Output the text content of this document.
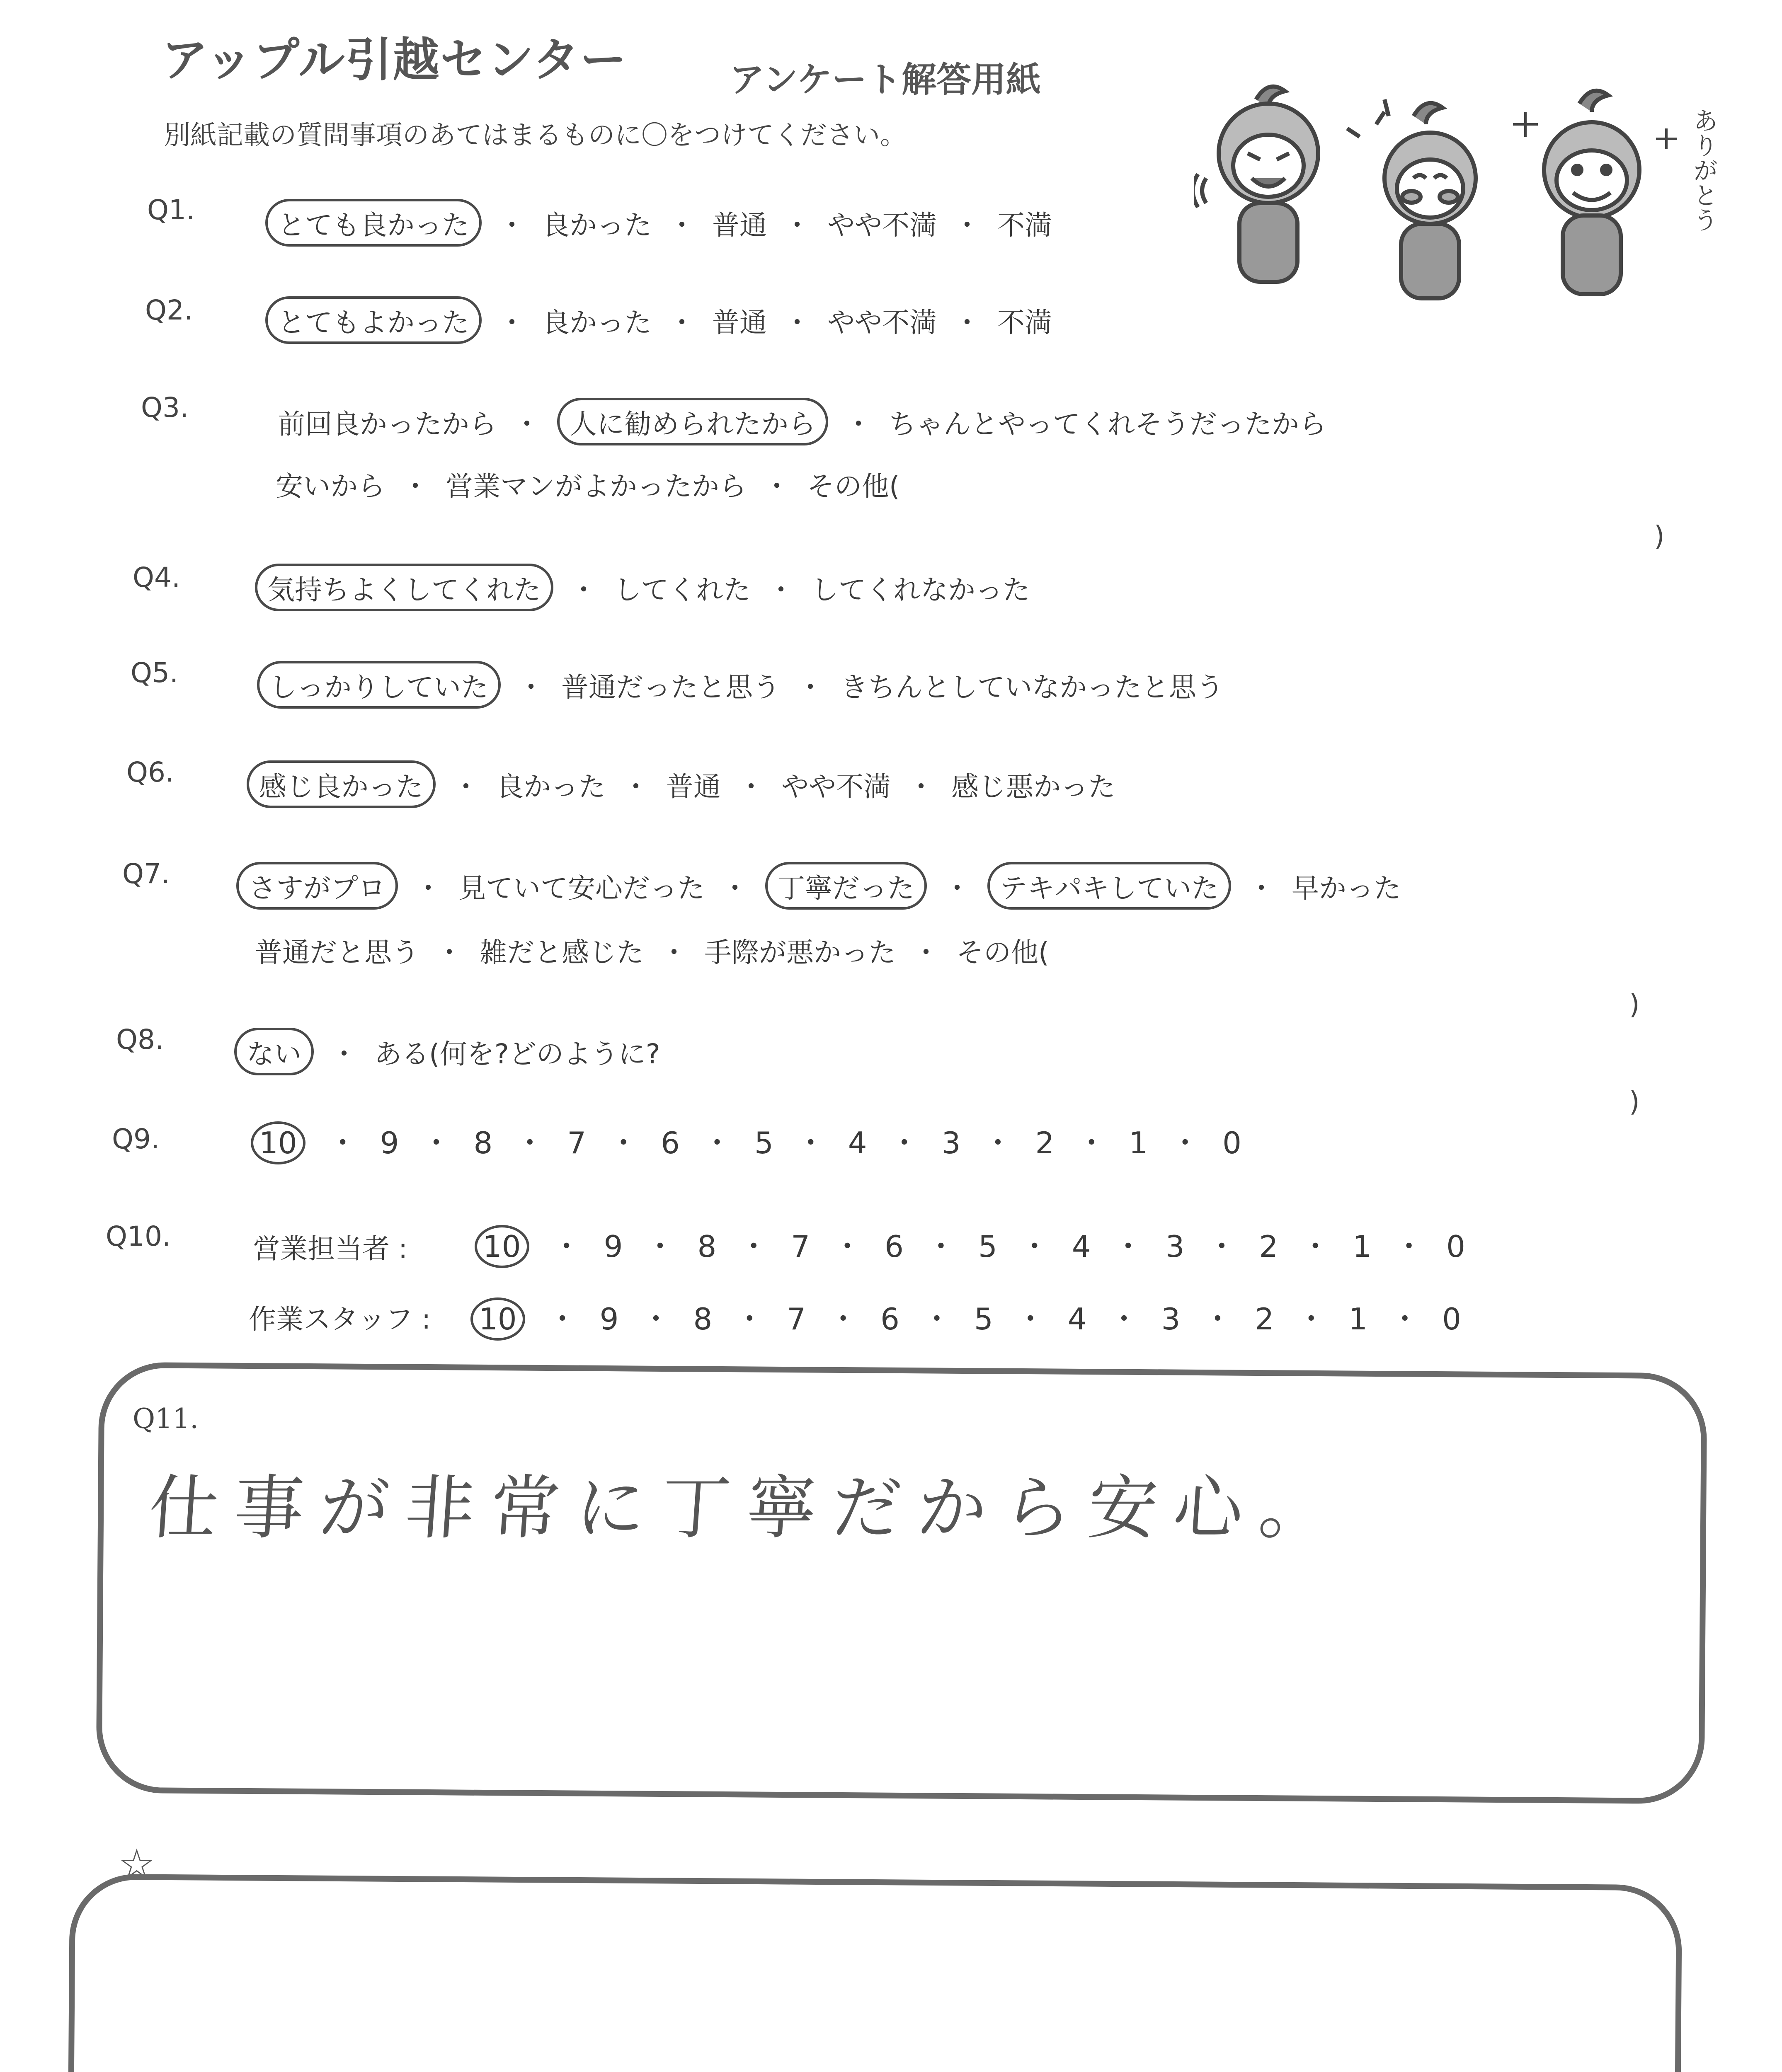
アップル引越センター	アンケート解答用紙
別紙記載の質問事項のあてはまるものに〇をつけてください。	ありがとう
Q1.	とても良かった ・ 良かった ・ 普通 ・ やや不満 ・ 不満
Q2.	とてもよかった ・ 良かった ・ 普通 ・ やや不満 ・ 不満
Q3.
前回良かったから ・ 人に勧められたから ・ ちゃんとやってくれそうだったから
安いから ・ 営業マンがよかったから ・ その他(
)
Q4.	気持ちよくしてくれた ・ してくれた ・ してくれなかった
Q5.	しっかりしていた ・ 普通だったと思う ・ きちんとしていなかったと思う
Q6.	感じ良かった ・ 良かった ・ 普通 ・ やや不満 ・ 感じ悪かった
Q7.	さすがプロ ・ 見ていて安心だった ・ 丁寧だった ・ テキパキしていた ・ 早かった
普通だと思う ・ 雑だと感じた ・ 手際が悪かった ・ その他(
)
Q8.	ない ・ ある(何を?どのように?
)
Q9.	10 ・ 9 ・ 8 ・ 7 ・ 6 ・ 5 ・ 4 ・ 3 ・ 2 ・ 1 ・ 0
Q10.	営業担当者 :	10 ・ 9 ・ 8 ・ 7 ・ 6 ・ 5 ・ 4 ・ 3 ・ 2 ・ 1 ・ 0
作業スタッフ : 10 ・ 9 ・ 8 ・ 7 ・ 6 ・ 5 ・ 4 ・ 3 ・ 2 ・ 1 ・ 0
Q11.
仕事が非常に丁寧だから安心。
☆
